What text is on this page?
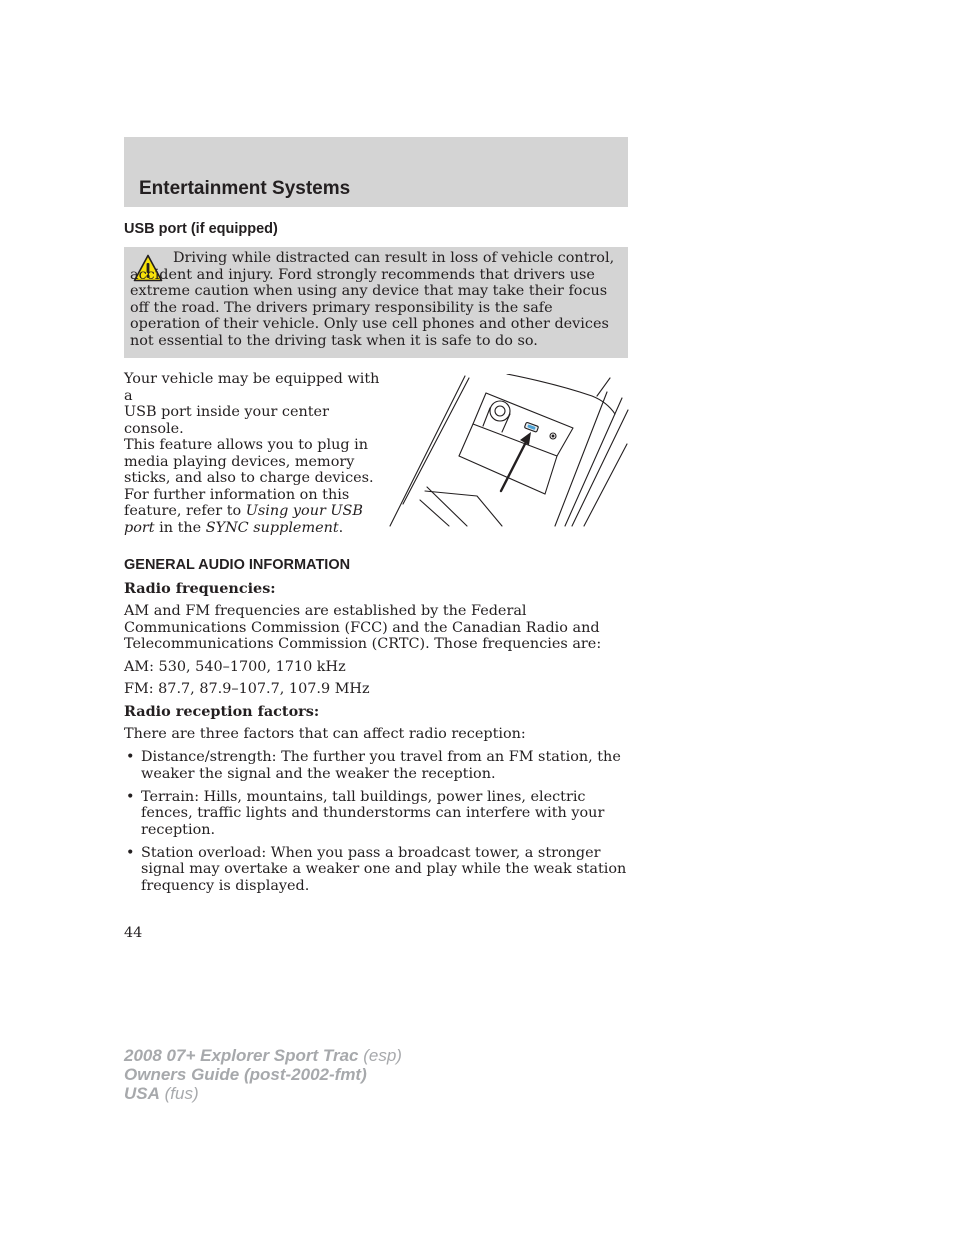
Entertainment Systems
USB port (if equipped)
Driving while distracted can result in loss of vehicle control, accident and injury. Ford strongly recommends that drivers use extreme caution when using any device that may take their focus off the road. The drivers primary responsibility is the safe operation of their vehicle. Only use cell phones and other devices not essential to the driving task when it is safe to do so.
Your vehicle may be equipped with a
USB port inside your center console.
This feature allows you to plug in
media playing devices, memory
sticks, and also to charge devices.
For further information on this
feature, refer to Using your USB
port in the SYNC supplement.
GENERAL AUDIO INFORMATION

Radio frequencies:

AM and FM frequencies are established by the Federal Communications Commission (FCC) and the Canadian Radio and Telecommunications Commission (CRTC). Those frequencies are:

AM: 530, 540–1700, 1710 kHz

FM: 87.7, 87.9–107.7, 107.9 MHz

Radio reception factors:

There are three factors that can affect radio reception:

• Distance/strength: The further you travel from an FM station, the weaker the signal and the weaker the reception.
• Terrain: Hills, mountains, tall buildings, power lines, electric fences, traffic lights and thunderstorms can interfere with your reception.
• Station overload: When you pass a broadcast tower, a stronger signal may overtake a weaker one and play while the weak station frequency is displayed.
44
2008 07+ Explorer Sport Trac (esp)
Owners Guide (post-2002-fmt)
USA (fus)
